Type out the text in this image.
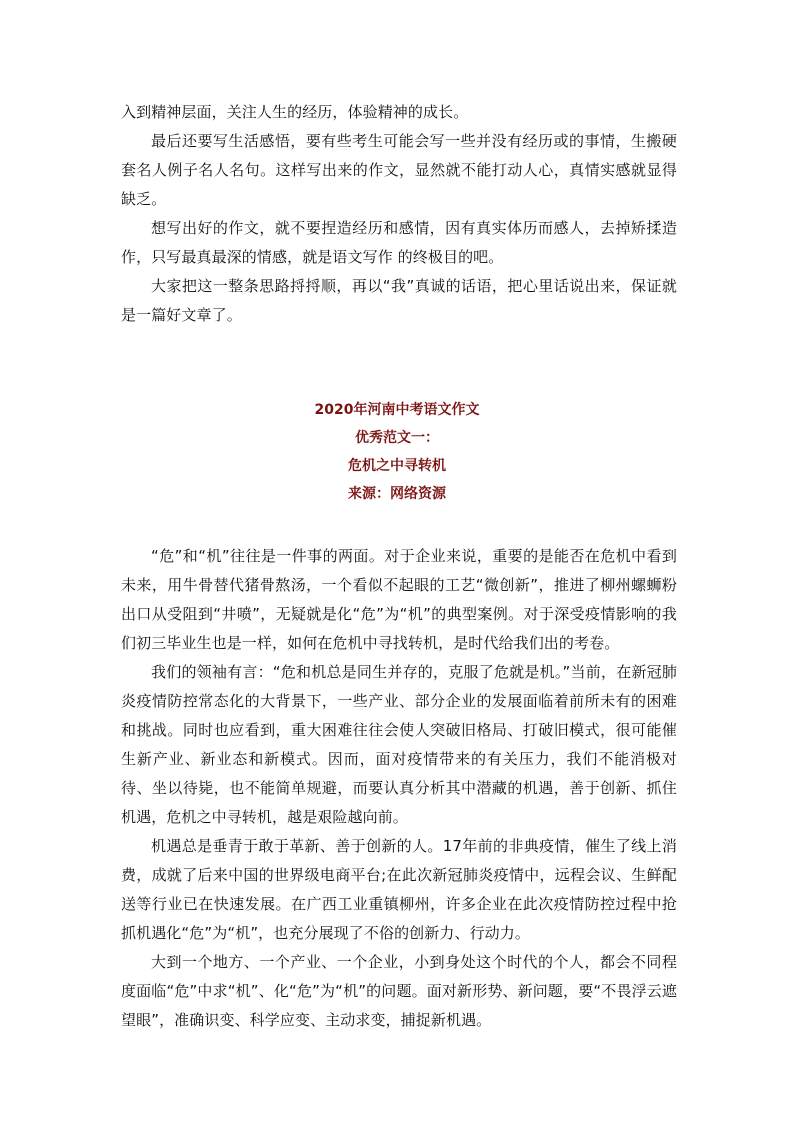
入到精神层面，关注人生的经历，体验精神的成长。

最后还要写生活感悟，要有些考生可能会写一些并没有经历或的事情，生搬硬套名人例子名人名句。这样写出来的作文，显然就不能打动人心，真情实感就显得缺乏。

想写出好的作文，就不要捏造经历和感情，因有真实体历而感人，去掉矫揉造作，只写最真最深的情感，就是语文写作 的终极目的吧。

大家把这一整条思路捋捋顺，再以“我”真诚的话语，把心里话说出来，保证就是一篇好文章了。

2020年河南中考语文作文

优秀范文一：

危机之中寻转机

来源：网络资源

“危”和“机”往往是一件事的两面。对于企业来说，重要的是能否在危机中看到未来，用牛骨替代猪骨熬汤，一个看似不起眼的工艺“微创新”，推进了柳州螺蛳粉出口从受阻到“井喷”，无疑就是化“危”为“机”的典型案例。对于深受疫情影响的我们初三毕业生也是一样，如何在危机中寻找转机，是时代给我们出的考卷。

我们的领袖有言：“危和机总是同生并存的，克服了危就是机。”当前，在新冠肺炎疫情防控常态化的大背景下，一些产业、部分企业的发展面临着前所未有的困难和挑战。同时也应看到，重大困难往往会使人突破旧格局、打破旧模式，很可能催生新产业、新业态和新模式。因而，面对疫情带来的有关压力，我们不能消极对待、坐以待毙，也不能简单规避，而要认真分析其中潜藏的机遇，善于创新、抓住机遇，危机之中寻转机，越是艰险越向前。

机遇总是垂青于敢于革新、善于创新的人。17年前的非典疫情，催生了线上消费，成就了后来中国的世界级电商平台;在此次新冠肺炎疫情中，远程会议、生鲜配送等行业已在快速发展。在广西工业重镇柳州，许多企业在此次疫情防控过程中抢抓机遇化“危”为“机”，也充分展现了不俗的创新力、行动力。

大到一个地方、一个产业、一个企业，小到身处这个时代的个人，都会不同程度面临“危”中求“机”、化“危”为“机”的问题。面对新形势、新问题，要“不畏浮云遮望眼”，准确识变、科学应变、主动求变，捕捉新机遇。
